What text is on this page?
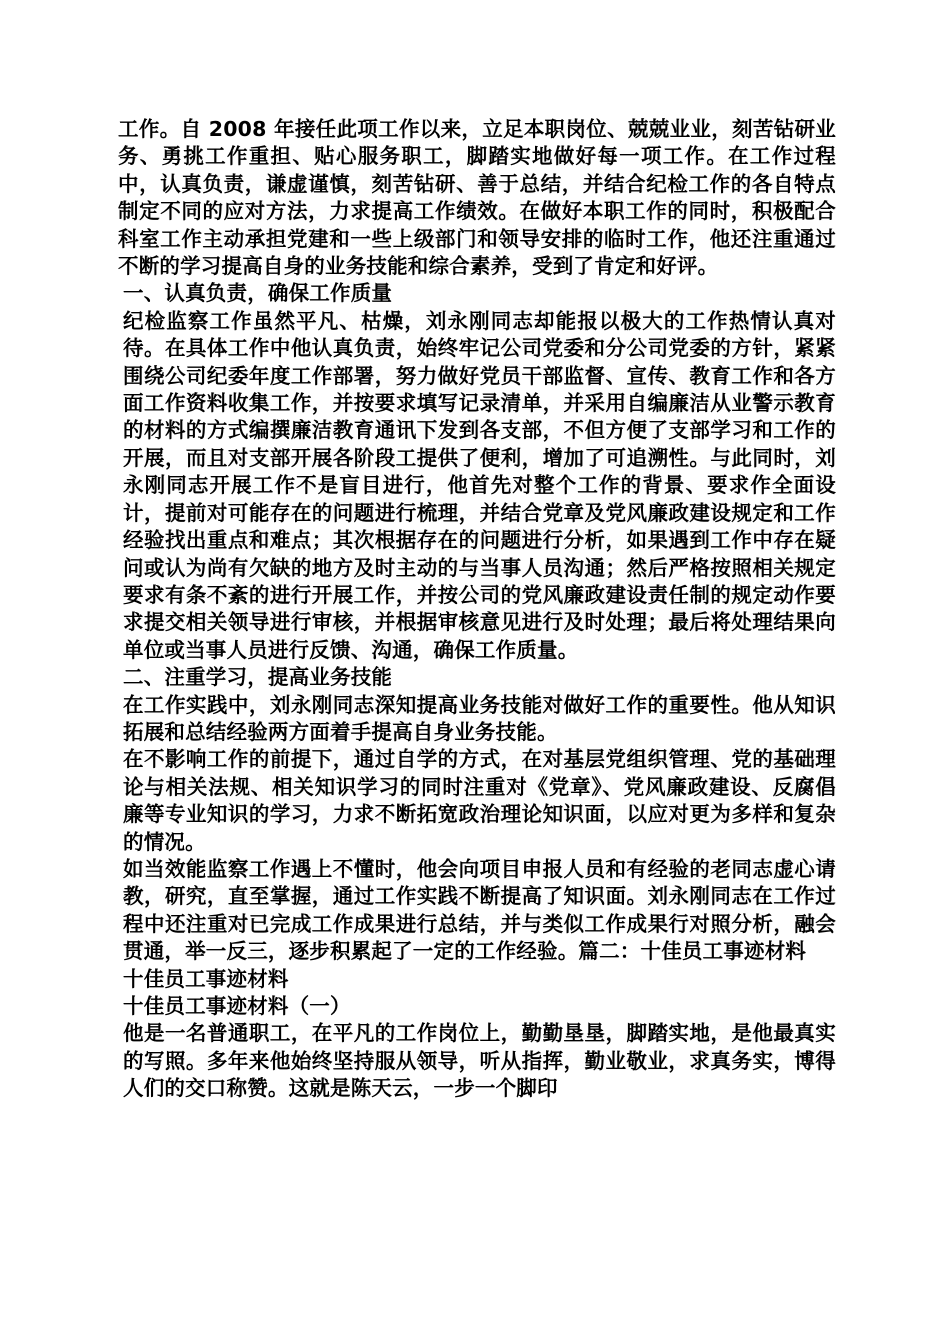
工作。自 2008 年接任此项工作以来，立足本职岗位、兢兢业业，刻苦钻研业务、勇挑工作重担、贴心服务职工，脚踏实地做好每一项工作。在工作过程中，认真负责，谦虚谨慎，刻苦钻研、善于总结，并结合纪检工作的各自特点制定不同的应对方法，力求提高工作绩效。在做好本职工作的同时，积极配合科室工作主动承担党建和一些上级部门和领导安排的临时工作，他还注重通过不断的学习提高自身的业务技能和综合素养，受到了肯定和好评。

一、认真负责，确保工作质量

纪检监察工作虽然平凡、枯燥，刘永刚同志却能报以极大的工作热情认真对待。在具体工作中他认真负责，始终牢记公司党委和分公司党委的方针，紧紧围绕公司纪委年度工作部署，努力做好党员干部监督、宣传、教育工作和各方面工作资料收集工作，并按要求填写记录清单，并采用自编廉洁从业警示教育的材料的方式编撰廉洁教育通讯下发到各支部，不但方便了支部学习和工作的开展，而且对支部开展各阶段工提供了便利，增加了可追溯性。与此同时，刘永刚同志开展工作不是盲目进行，他首先对整个工作的背景、要求作全面设计，提前对可能存在的问题进行梳理，并结合党章及党风廉政建设规定和工作经验找出重点和难点；其次根据存在的问题进行分析，如果遇到工作中存在疑问或认为尚有欠缺的地方及时主动的与当事人员沟通；然后严格按照相关规定要求有条不紊的进行开展工作，并按公司的党风廉政建设责任制的规定动作要求提交相关领导进行审核，并根据审核意见进行及时处理；最后将处理结果向单位或当事人员进行反馈、沟通，确保工作质量。

二、注重学习，提高业务技能

在工作实践中，刘永刚同志深知提高业务技能对做好工作的重要性。他从知识拓展和总结经验两方面着手提高自身业务技能。

在不影响工作的前提下，通过自学的方式，在对基层党组织管理、党的基础理论与相关法规、相关知识学习的同时注重对《党章》、党风廉政建设、反腐倡廉等专业知识的学习，力求不断拓宽政治理论知识面，以应对更为多样和复杂的情况。

如当效能监察工作遇上不懂时，他会向项目申报人员和有经验的老同志虚心请教，研究，直至掌握，通过工作实践不断提高了知识面。刘永刚同志在工作过程中还注重对已完成工作成果进行总结，并与类似工作成果行对照分析，融会贯通，举一反三，逐步积累起了一定的工作经验。篇二：十佳员工事迹材料

十佳员工事迹材料

十佳员工事迹材料（一）

他是一名普通职工，在平凡的工作岗位上，勤勤垦垦，脚踏实地，是他最真实的写照。多年来他始终坚持服从领导，听从指挥，勤业敬业，求真务实，博得人们的交口称赞。这就是陈天云，一步一个脚印
